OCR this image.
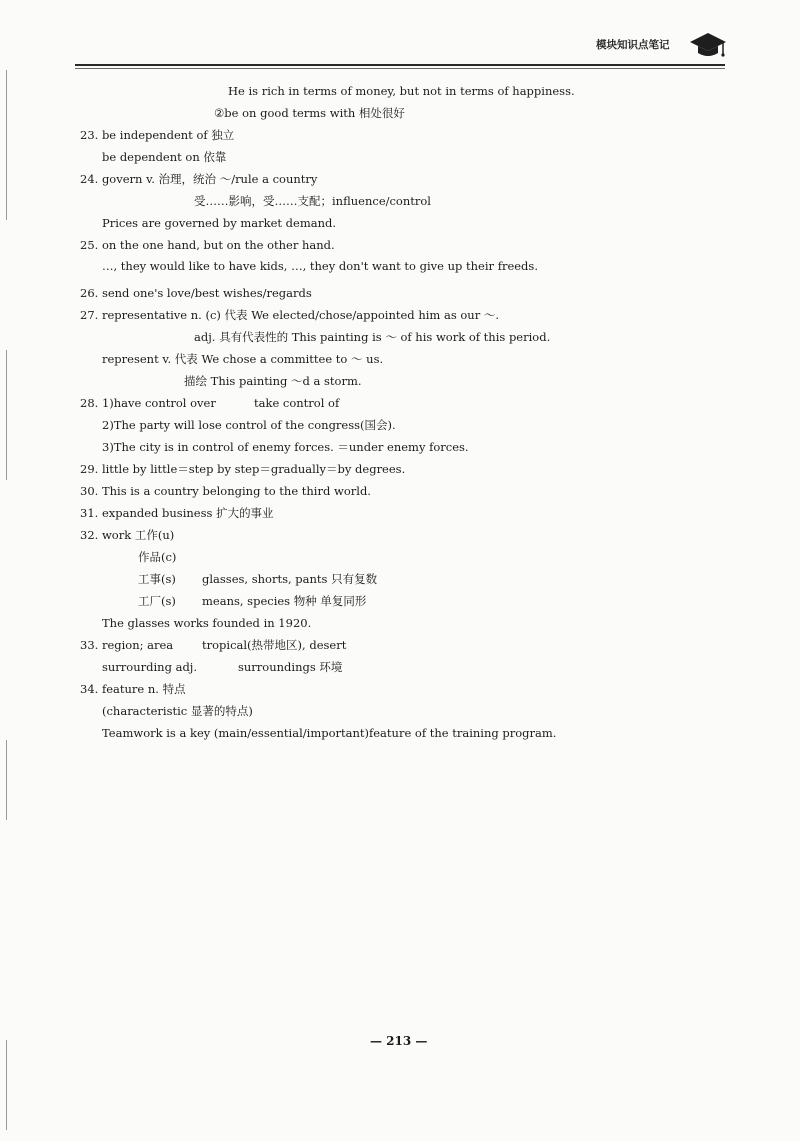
模块知识点笔记
He is rich in terms of money, but not in terms of happiness.
②be on good terms with 相处很好
23. be independent of 独立
be dependent on 依靠
24. govern v. 治理，统治 ～/rule a country
受……影响，受……支配；influence/control
Prices are governed by market demand.
25. on the one hand, but on the other hand.
…, they would like to have kids, …, they don't want to give up their freeds.
26. send one's love/best wishes/regards
27. representative n. (c) 代表 We elected/chose/appointed him as our ～.
adj. 具有代表性的 This painting is ～ of his work of this period.
represent v. 代表 We chose a committee to ～ us.
描绘 This painting ～d a storm.
28. 1)have control over	take control of
2)The party will lose control of the congress(国会).
3)The city is in control of enemy forces. ＝under enemy forces.
29. little by little＝step by step＝gradually＝by degrees.
30. This is a country belonging to the third world.
31. expanded business 扩大的事业
32. work 工作(u)
作品(c)
工事(s) glasses, shorts, pants 只有复数
工厂(s) means, species 物种 单复同形
The glasses works founded in 1920.
33. region; area	tropical(热带地区), desert
surrourding adj.	surroundings 环境
34. feature n. 特点
(characteristic 显著的特点)
Teamwork is a key (main/essential/important)feature of the training program.
— 213 —
